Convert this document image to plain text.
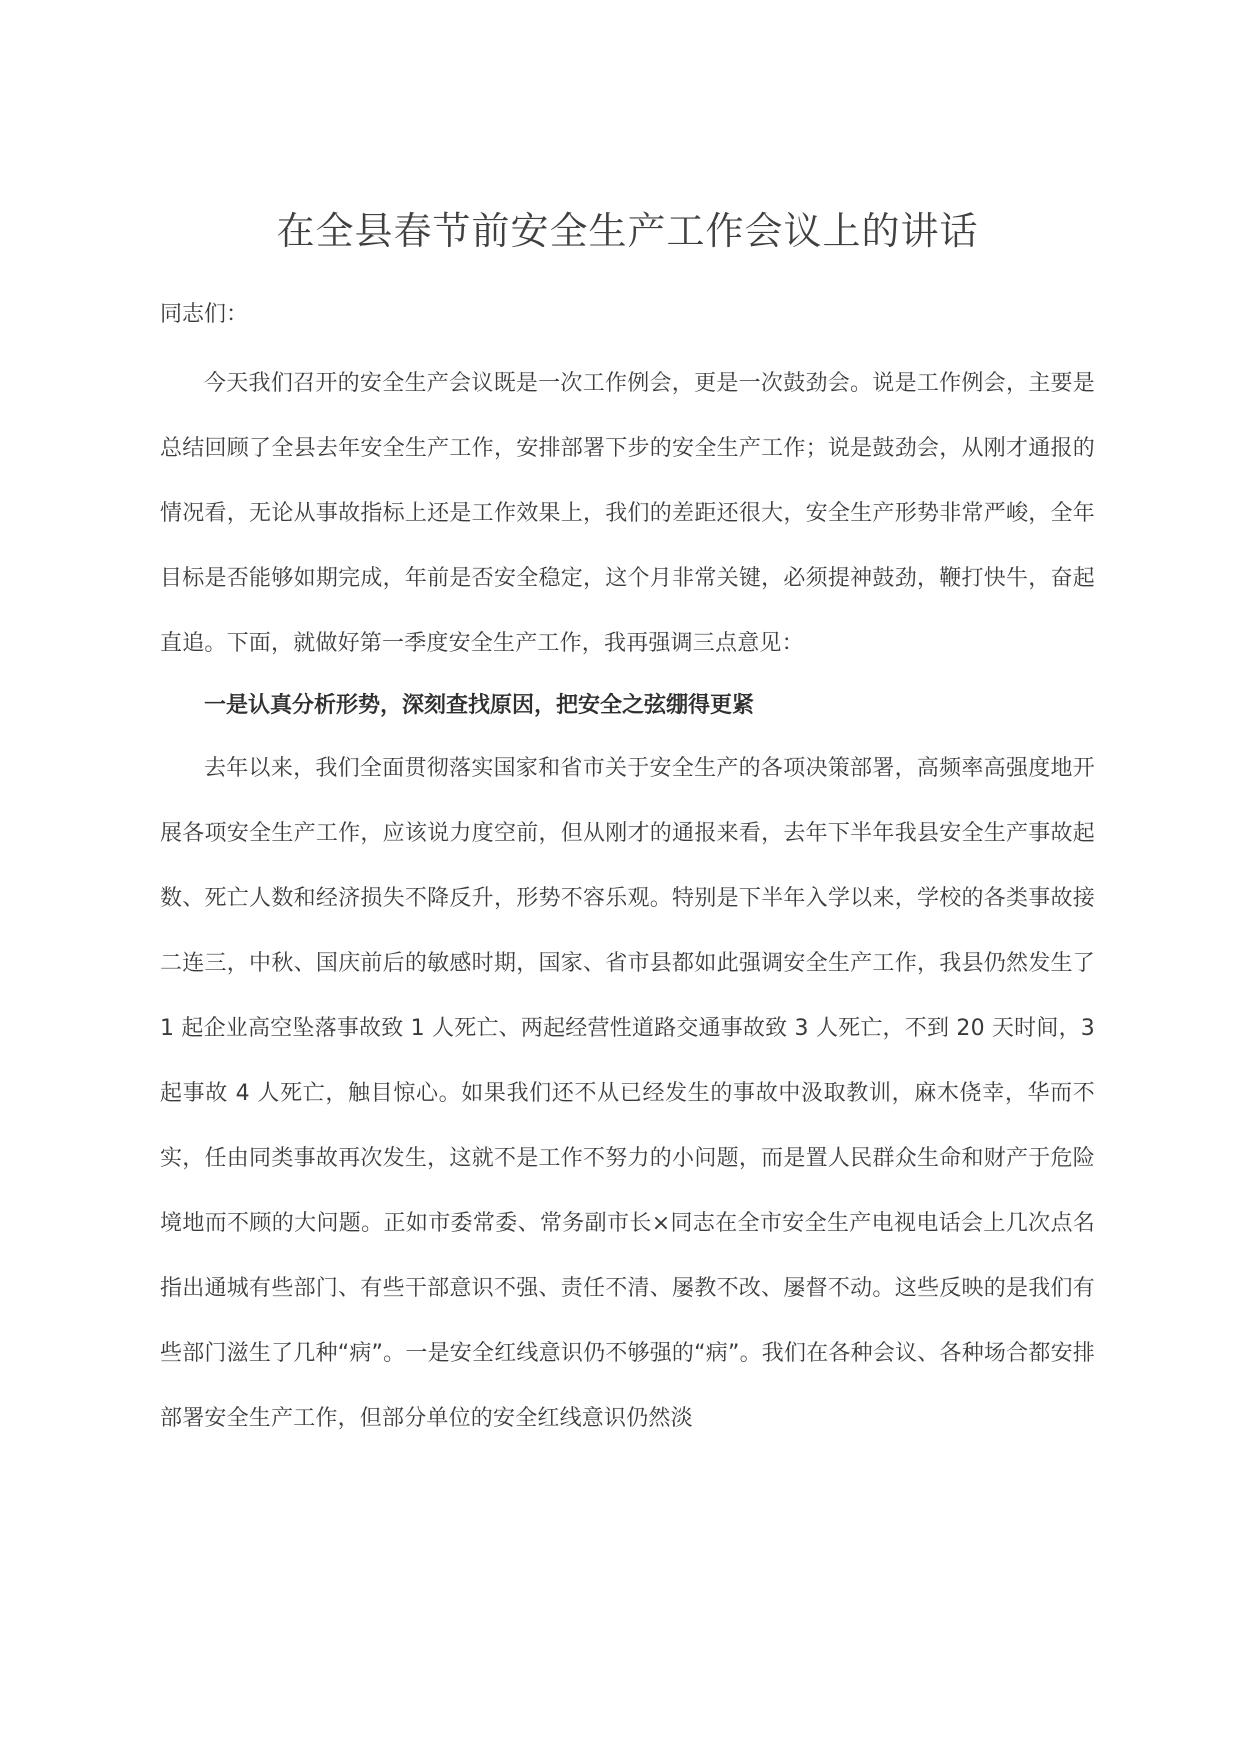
在全县春节前安全生产工作会议上的讲话

同志们：

今天我们召开的安全生产会议既是一次工作例会，更是一次鼓劲会。说是工作例会，主要是总结回顾了全县去年安全生产工作，安排部署下步的安全生产工作；说是鼓劲会，从刚才通报的情况看，无论从事故指标上还是工作效果上，我们的差距还很大，安全生产形势非常严峻，全年目标是否能够如期完成，年前是否安全稳定，这个月非常关键，必须提神鼓劲，鞭打快牛，奋起直追。下面，就做好第一季度安全生产工作，我再强调三点意见：

一是认真分析形势，深刻查找原因，把安全之弦绷得更紧

去年以来，我们全面贯彻落实国家和省市关于安全生产的各项决策部署，高频率高强度地开展各项安全生产工作，应该说力度空前，但从刚才的通报来看，去年下半年我县安全生产事故起数、死亡人数和经济损失不降反升，形势不容乐观。特别是下半年入学以来，学校的各类事故接二连三，中秋、国庆前后的敏感时期，国家、省市县都如此强调安全生产工作，我县仍然发生了 1 起企业高空坠落事故致 1 人死亡、两起经营性道路交通事故致 3 人死亡，不到 20 天时间，3 起事故 4 人死亡，触目惊心。如果我们还不从已经发生的事故中汲取教训，麻木侥幸，华而不实，任由同类事故再次发生，这就不是工作不努力的小问题，而是置人民群众生命和财产于危险境地而不顾的大问题。正如市委常委、常务副市长×同志在全市安全生产电视电话会上几次点名指出通城有些部门、有些干部意识不强、责任不清、屡教不改、屡督不动。这些反映的是我们有些部门滋生了几种“病”。一是安全红线意识仍不够强的“病”。我们在各种会议、各种场合都安排部署安全生产工作，但部分单位的安全红线意识仍然淡
